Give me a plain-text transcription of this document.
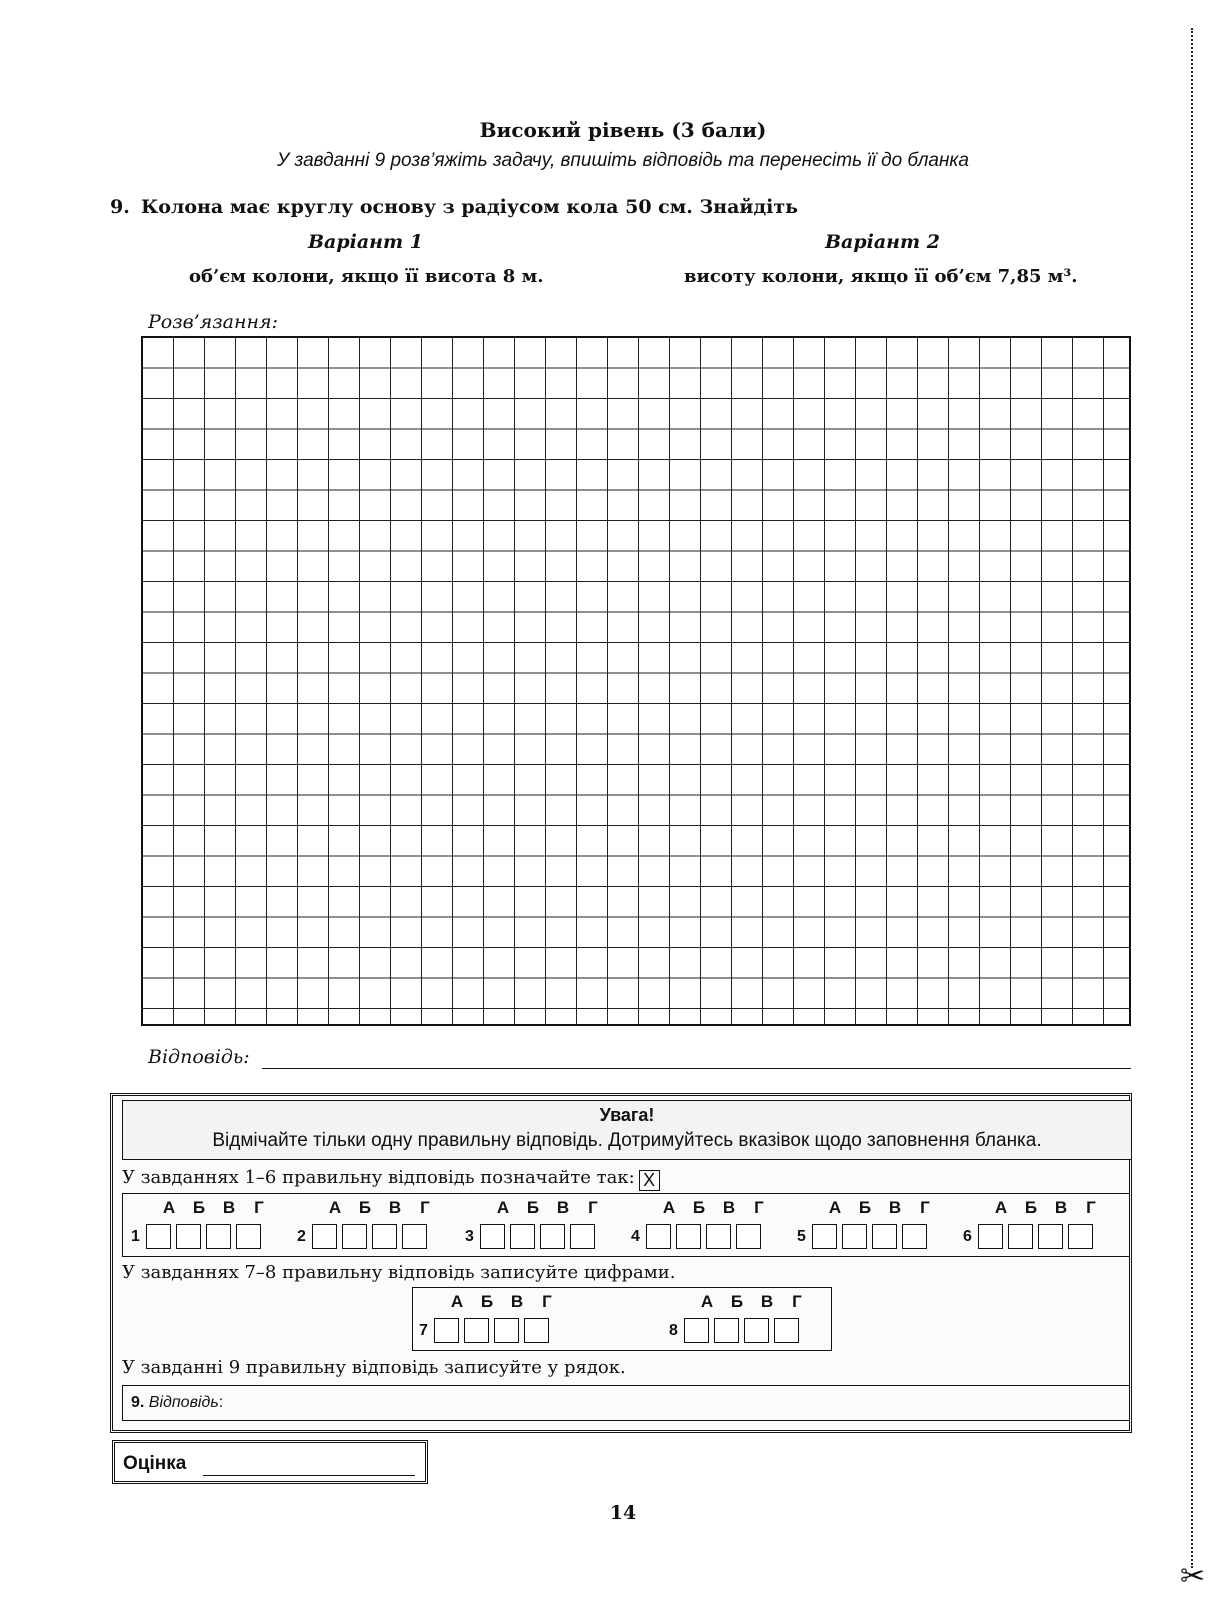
✂
Високий рівень (3 бали)
У завданні 9 розв’яжіть задачу, впишіть відповідь та перенесіть її до бланка
9. Колона має круглу основу з радіусом кола 50 см. Знайдіть
Варіант 1	Варіант 2
об’єм колони, якщо її висота 8 м.	висоту колони, якщо її об’єм 7,85 м³.
Розв’язання:
Відповідь:
Увага!
Відмічайте тільки одну правильну відповідь. Дотримуйтесь вказівок щодо заповнення бланка.
У завданнях 1–6 правильну відповідь позначайте так: X
А Б В Г
1
А Б В Г
2
А Б В Г
3
А Б В Г
4
А Б В Г
5
А Б В Г
6
У завданнях 7–8 правильну відповідь записуйте цифрами.
А Б В Г
7
А Б В Г
8
У завданні 9 правильну відповідь записуйте у рядок.
9. Відповідь:
Оцінка
14
